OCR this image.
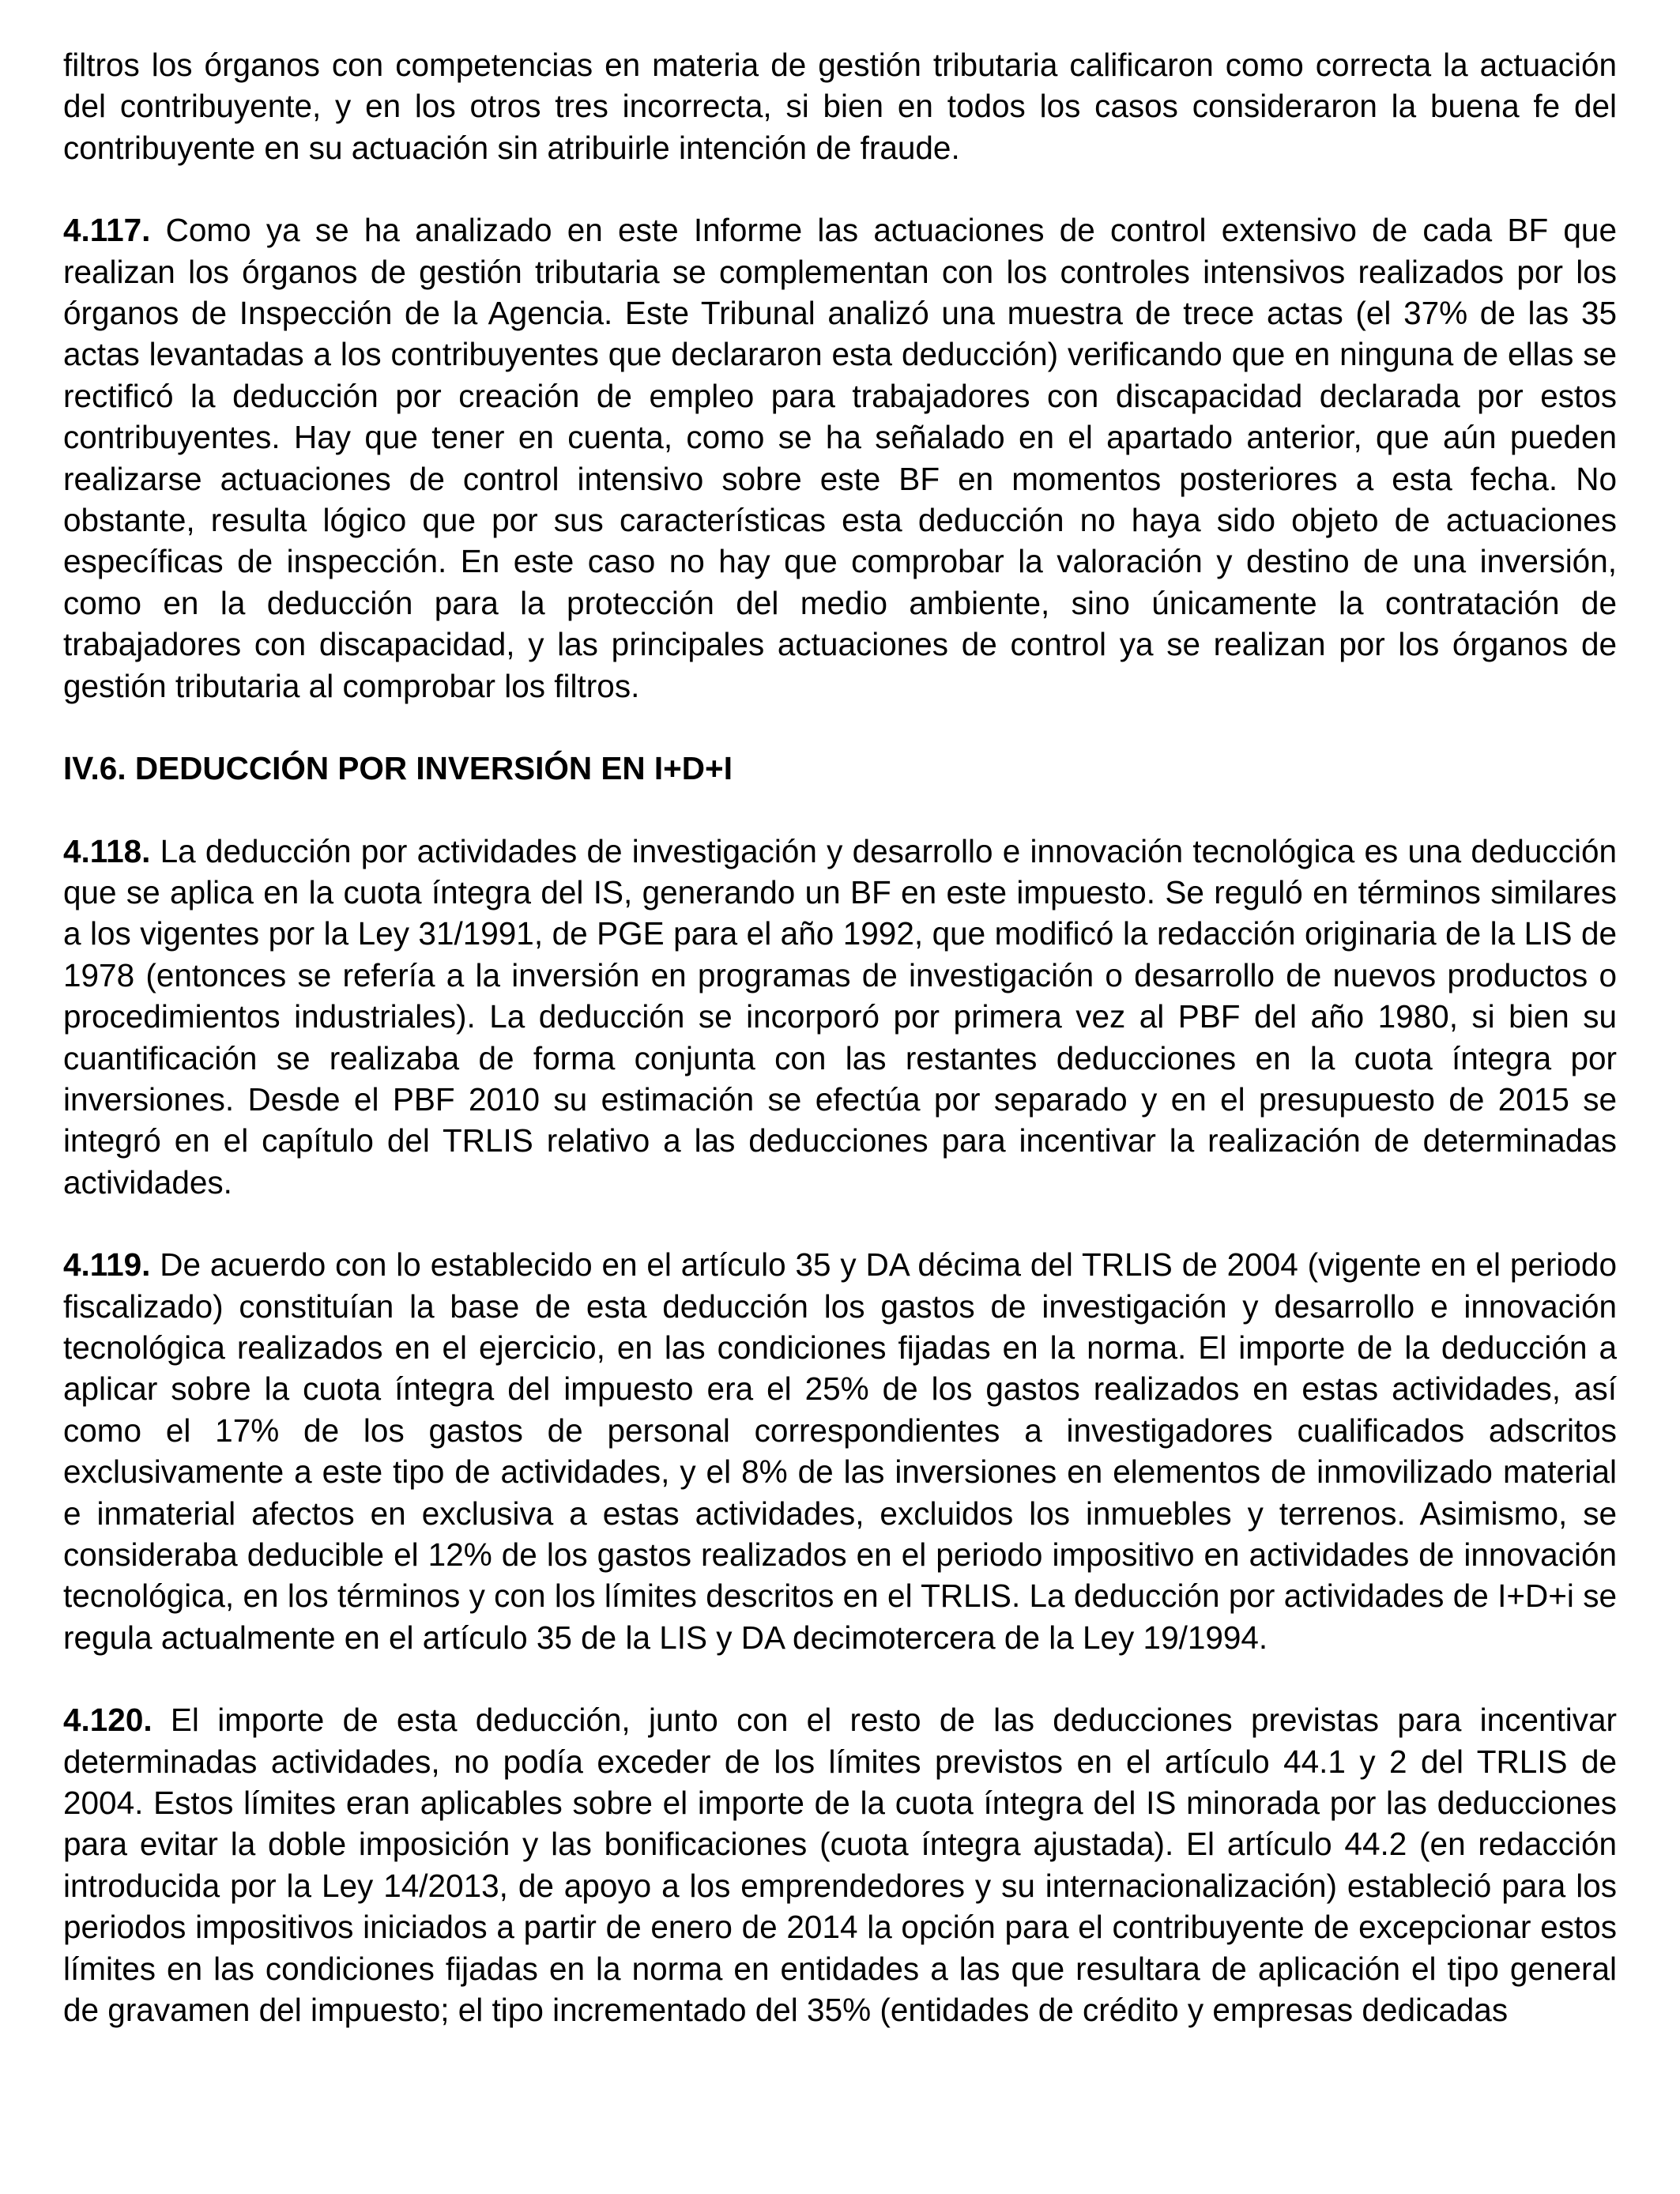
filtros los órganos con competencias en materia de gestión tributaria calificaron como correcta la actuación del contribuyente, y en los otros tres incorrecta, si bien en todos los casos consideraron la buena fe del contribuyente en su actuación sin atribuirle intención de fraude.

4.117. Como ya se ha analizado en este Informe las actuaciones de control extensivo de cada BF que realizan los órganos de gestión tributaria se complementan con los controles intensivos realizados por los órganos de Inspección de la Agencia. Este Tribunal analizó una muestra de trece actas (el 37% de las 35 actas levantadas a los contribuyentes que declararon esta deducción) verificando que en ninguna de ellas se rectificó la deducción por creación de empleo para trabajadores con discapacidad declarada por estos contribuyentes. Hay que tener en cuenta, como se ha señalado en el apartado anterior, que aún pueden realizarse actuaciones de control intensivo sobre este BF en momentos posteriores a esta fecha. No obstante, resulta lógico que por sus características esta deducción no haya sido objeto de actuaciones específicas de inspección. En este caso no hay que comprobar la valoración y destino de una inversión, como en la deducción para la protección del medio ambiente, sino únicamente la contratación de trabajadores con discapacidad, y las principales actuaciones de control ya se realizan por los órganos de gestión tributaria al comprobar los filtros.

IV.6. DEDUCCIÓN POR INVERSIÓN EN I+D+I

4.118. La deducción por actividades de investigación y desarrollo e innovación tecnológica es una deducción que se aplica en la cuota íntegra del IS, generando un BF en este impuesto. Se reguló en términos similares a los vigentes por la Ley 31/1991, de PGE para el año 1992, que modificó la redacción originaria de la LIS de 1978 (entonces se refería a la inversión en programas de investigación o desarrollo de nuevos productos o procedimientos industriales). La deducción se incorporó por primera vez al PBF del año 1980, si bien su cuantificación se realizaba de forma conjunta con las restantes deducciones en la cuota íntegra por inversiones. Desde el PBF 2010 su estimación se efectúa por separado y en el presupuesto de 2015 se integró en el capítulo del TRLIS relativo a las deducciones para incentivar la realización de determinadas actividades.

4.119. De acuerdo con lo establecido en el artículo 35 y DA décima del TRLIS de 2004 (vigente en el periodo fiscalizado) constituían la base de esta deducción los gastos de investigación y desarrollo e innovación tecnológica realizados en el ejercicio, en las condiciones fijadas en la norma. El importe de la deducción a aplicar sobre la cuota íntegra del impuesto era el 25% de los gastos realizados en estas actividades, así como el 17% de los gastos de personal correspondientes a investigadores cualificados adscritos exclusivamente a este tipo de actividades, y el 8% de las inversiones en elementos de inmovilizado material e inmaterial afectos en exclusiva a estas actividades, excluidos los inmuebles y terrenos. Asimismo, se consideraba deducible el 12% de los gastos realizados en el periodo impositivo en actividades de innovación tecnológica, en los términos y con los límites descritos en el TRLIS. La deducción por actividades de I+D+i se regula actualmente en el artículo 35 de la LIS y DA decimotercera de la Ley 19/1994.

4.120. El importe de esta deducción, junto con el resto de las deducciones previstas para incentivar determinadas actividades, no podía exceder de los límites previstos en el artículo 44.1 y 2 del TRLIS de 2004. Estos límites eran aplicables sobre el importe de la cuota íntegra del IS minorada por las deducciones para evitar la doble imposición y las bonificaciones (cuota íntegra ajustada). El artículo 44.2 (en redacción introducida por la Ley 14/2013, de apoyo a los emprendedores y su internacionalización) estableció para los periodos impositivos iniciados a partir de enero de 2014 la opción para el contribuyente de excepcionar estos límites en las condiciones fijadas en la norma en entidades a las que resultara de aplicación el tipo general de gravamen del impuesto; el tipo incrementado del 35% (entidades de crédito y empresas dedicadas
